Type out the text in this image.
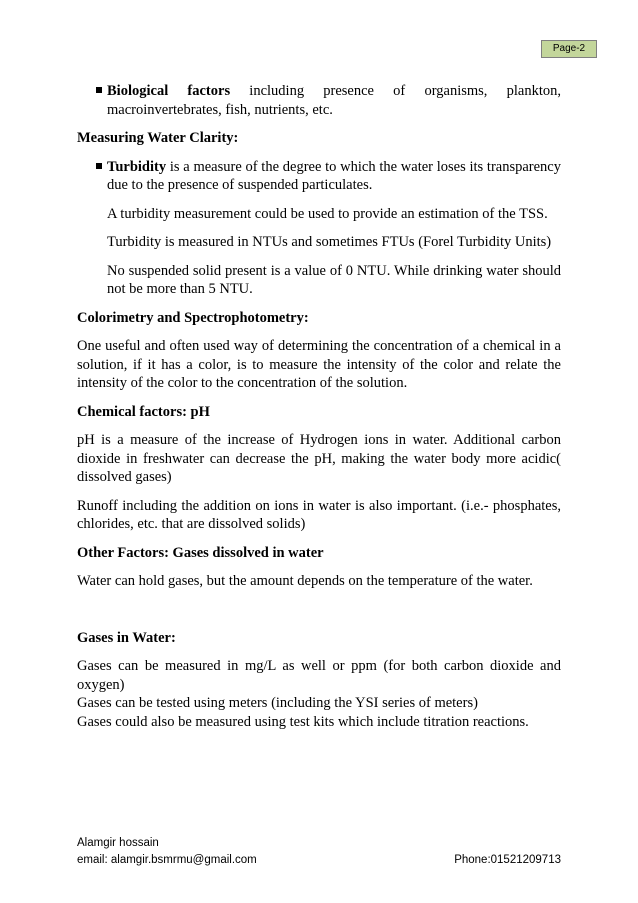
Page-2
Biological factors including presence of organisms, plankton, macroinvertebrates, fish, nutrients, etc.

Measuring Water Clarity:

Turbidity is a measure of the degree to which the water loses its transparency due to the presence of suspended particulates.

A turbidity measurement could be used to provide an estimation of the TSS.

Turbidity is measured in NTUs and sometimes FTUs (Forel Turbidity Units)

No suspended solid present is a value of 0 NTU. While drinking water should not be more than 5 NTU.

Colorimetry and Spectrophotometry:

One useful and often used way of determining the concentration of a chemical in a solution, if it has a color, is to measure the intensity of the color and relate the intensity of the color to the concentration of the solution.

Chemical factors: pH

pH is a measure of the increase of Hydrogen ions in water. Additional carbon dioxide in freshwater can decrease the pH, making the water body more acidic( dissolved gases)

Runoff including the addition on ions in water is also important. (i.e.- phosphates, chlorides, etc. that are dissolved solids)

Other Factors: Gases dissolved in water

Water can hold gases, but the amount depends on the temperature of the water.

Gases in Water:

Gases can be measured in mg/L as well or ppm (for both carbon dioxide and oxygen)

Gases can be tested using meters (including the YSI series of meters)

Gases could also be measured using test kits which include titration reactions.

Alamgir hossain
email: alamgir.bsmrmu@gmail.com	Phone:01521209713
